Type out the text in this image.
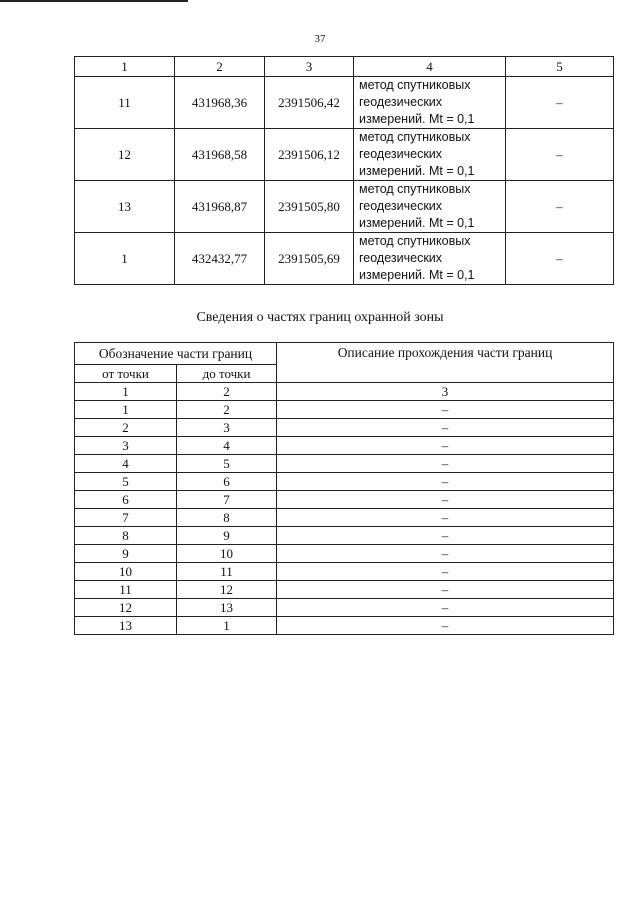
37
1	2	3	4	5
11	431968,36	2391506,42	метод спутниковых
геодезических
измерений. Mt = 0,1	–
12	431968,58	2391506,12	метод спутниковых
геодезических
измерений. Mt = 0,1	–
13	431968,87	2391505,80	метод спутниковых
геодезических
измерений. Mt = 0,1	–
1	432432,77	2391505,69	метод спутниковых
геодезических
измерений. Mt = 0,1	–
Сведения о частях границ охранной зоны
Обозначение части границ		Описание прохождения части границ
от точки	до точки	
1	2	3
1	2	–
2	3	–
3	4	–
4	5	–
5	6	–
6	7	–
7	8	–
8	9	–
9	10	–
10	11	–
11	12	–
12	13	–
13	1	–
